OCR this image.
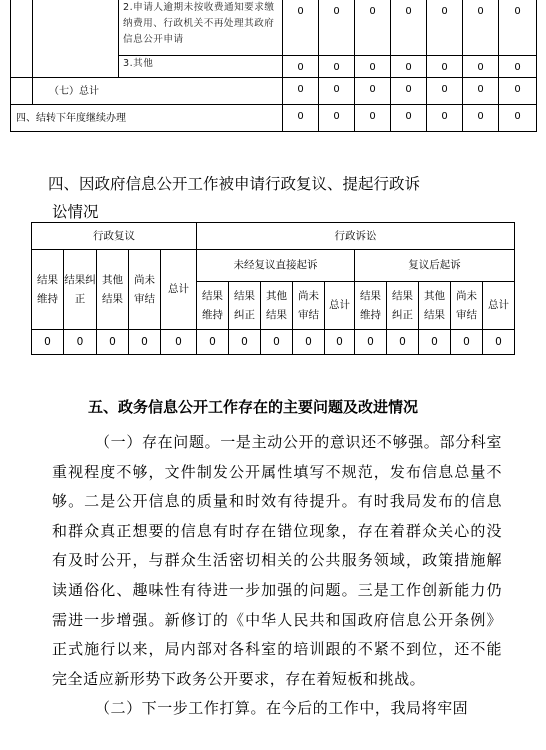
		2.申请人逾期未按收费通知要求缴纳费用、行政机关不再处理其政府信息公开申请	0	0	0	0	0	0	0
		3.其他	0	0	0	0	0	0	0
	（七）总计		0	0	0	0	0	0	0
四、结转下年度继续办理			0	0	0	0	0	0	0
四、因政府信息公开工作被申请行政复议、提起行政诉
讼情况
行政复议					行政诉讼									
结果维持	结果纠正	其他结果	尚未审结	总计	未经复议直接起诉					复议后起诉				
					结果维持	结果纠正	其他结果	尚未审结	总计	结果维持	结果纠正	其他结果	尚未审结	总计
0	0	0	0	0	0	0	0	0	0	0	0	0	0	0
五、政务信息公开工作存在的主要问题及改进情况

（一）存在问题。一是主动公开的意识还不够强。部分科室重视程度不够，文件制发公开属性填写不规范，发布信息总量不够。二是公开信息的质量和时效有待提升。有时我局发布的信息和群众真正想要的信息有时存在错位现象，存在着群众关心的没有及时公开，与群众生活密切相关的公共服务领域，政策措施解读通俗化、趣味性有待进一步加强的问题。三是工作创新能力仍需进一步增强。新修订的《中华人民共和国政府信息公开条例》正式施行以来，局内部对各科室的培训跟的不紧不到位，还不能完全适应新形势下政务公开要求，存在着短板和挑战。

（二）下一步工作打算。在今后的工作中，我局将牢固
